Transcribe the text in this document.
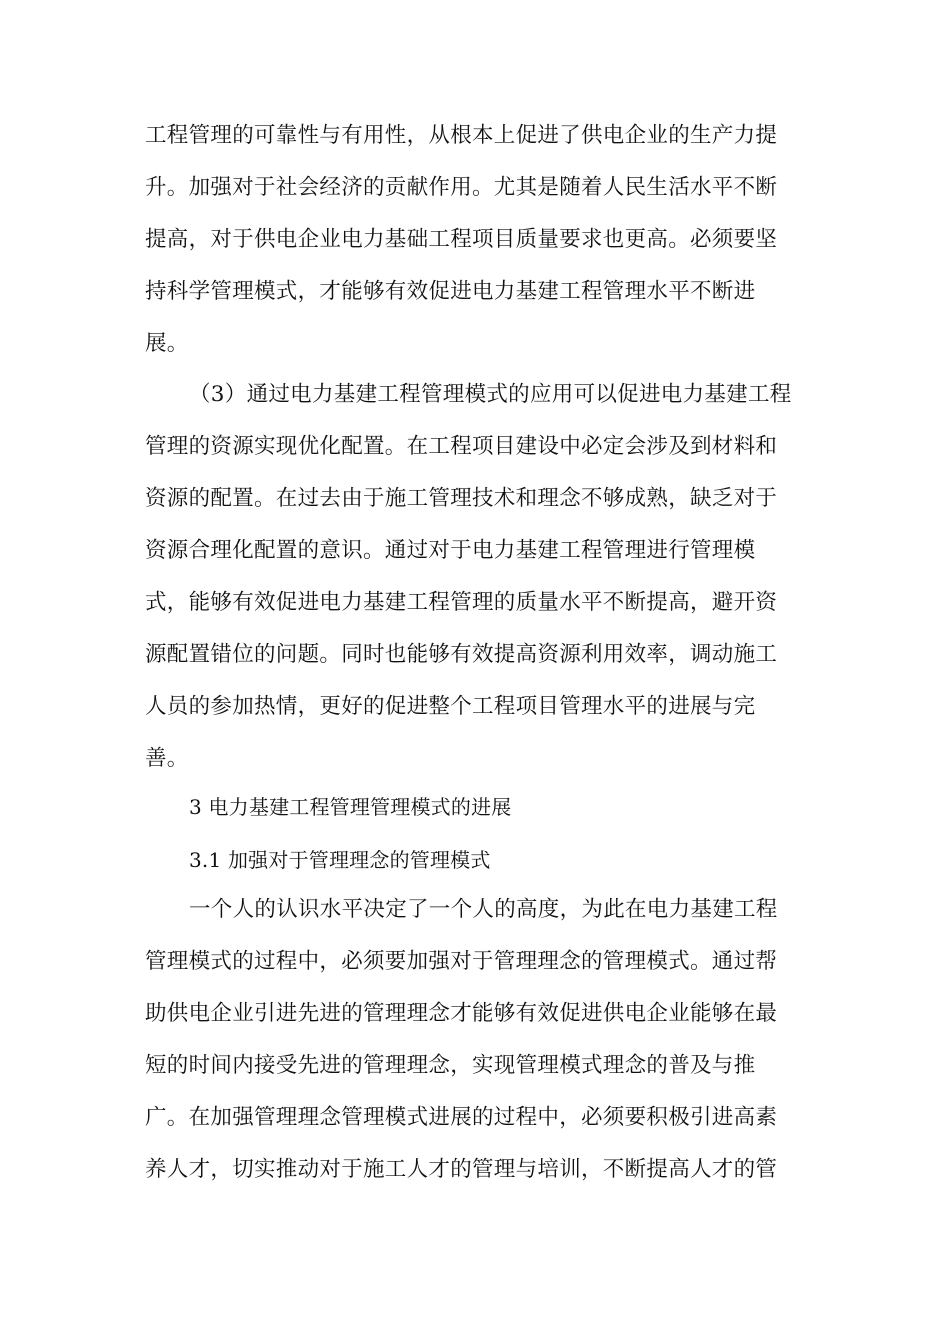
工程管理的可靠性与有用性，从根本上促进了供电企业的生产力提
升。加强对于社会经济的贡献作用。尤其是随着人民生活水平不断
提高，对于供电企业电力基础工程项目质量要求也更高。必须要坚
持科学管理模式，才能够有效促进电力基建工程管理水平不断进
展。
（3）通过电力基建工程管理模式的应用可以促进电力基建工程
管理的资源实现优化配置。在工程项目建设中必定会涉及到材料和
资源的配置。在过去由于施工管理技术和理念不够成熟，缺乏对于
资源合理化配置的意识。通过对于电力基建工程管理进行管理模
式，能够有效促进电力基建工程管理的质量水平不断提高，避开资
源配置错位的问题。同时也能够有效提高资源利用效率，调动施工
人员的参加热情，更好的促进整个工程项目管理水平的进展与完
善。
3 电力基建工程管理管理模式的进展
3.1 加强对于管理理念的管理模式
一个人的认识水平决定了一个人的高度，为此在电力基建工程
管理模式的过程中，必须要加强对于管理理念的管理模式。通过帮
助供电企业引进先进的管理理念才能够有效促进供电企业能够在最
短的时间内接受先进的管理理念，实现管理模式理念的普及与推
广。在加强管理理念管理模式进展的过程中，必须要积极引进高素
养人才，切实推动对于施工人才的管理与培训，不断提高人才的管
